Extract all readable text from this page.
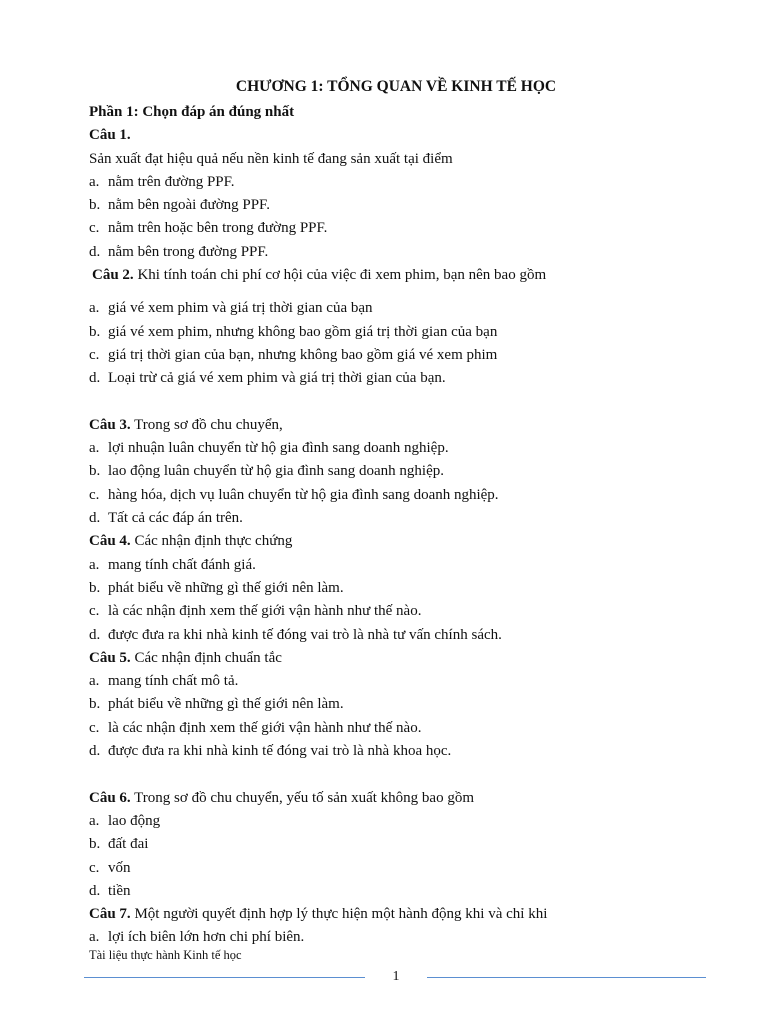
CHƯƠNG 1: TỔNG QUAN VỀ KINH TẾ HỌC
Phần 1: Chọn đáp án đúng nhất
Câu 1.
Sản xuất đạt hiệu quả nếu nền kinh tế đang sản xuất tại điểm
a. nằm trên đường PPF.
b. nằm bên ngoài đường PPF.
c. nằm trên hoặc bên trong đường PPF.
d. nằm bên trong đường PPF.
Câu 2. Khi tính toán chi phí cơ hội của việc đi xem phim, bạn nên bao gồm
a. giá vé xem phim và giá trị thời gian của bạn
b. giá vé xem phim, nhưng không bao gồm giá trị thời gian của bạn
c. giá trị thời gian của bạn, nhưng không bao gồm giá vé xem phim
d. Loại trừ cả giá vé xem phim và giá trị thời gian của bạn.
Câu 3. Trong sơ đồ chu chuyển,
a. lợi nhuận luân chuyển từ hộ gia đình sang doanh nghiệp.
b. lao động luân chuyển từ hộ gia đình sang doanh nghiệp.
c. hàng hóa, dịch vụ luân chuyển từ hộ gia đình sang doanh nghiệp.
d. Tất cả các đáp án trên.
Câu 4. Các nhận định thực chứng
a. mang tính chất đánh giá.
b. phát biểu về những gì thế giới nên làm.
c. là các nhận định xem thế giới vận hành như thế nào.
d. được đưa ra khi nhà kinh tế đóng vai trò là nhà tư vấn chính sách.
Câu 5. Các nhận định chuẩn tắc
a. mang tính chất mô tả.
b. phát biểu về những gì thế giới nên làm.
c. là các nhận định xem thế giới vận hành như thế nào.
d. được đưa ra khi nhà kinh tế đóng vai trò là nhà khoa học.
Câu 6. Trong sơ đồ chu chuyển, yếu tố sản xuất không bao gồm
a. lao động
b. đất đai
c. vốn
d. tiền
Câu 7. Một người quyết định hợp lý thực hiện một hành động khi và chỉ khi
a. lợi ích biên lớn hơn chi phí biên.
Tài liệu thực hành Kinh tế học
1
